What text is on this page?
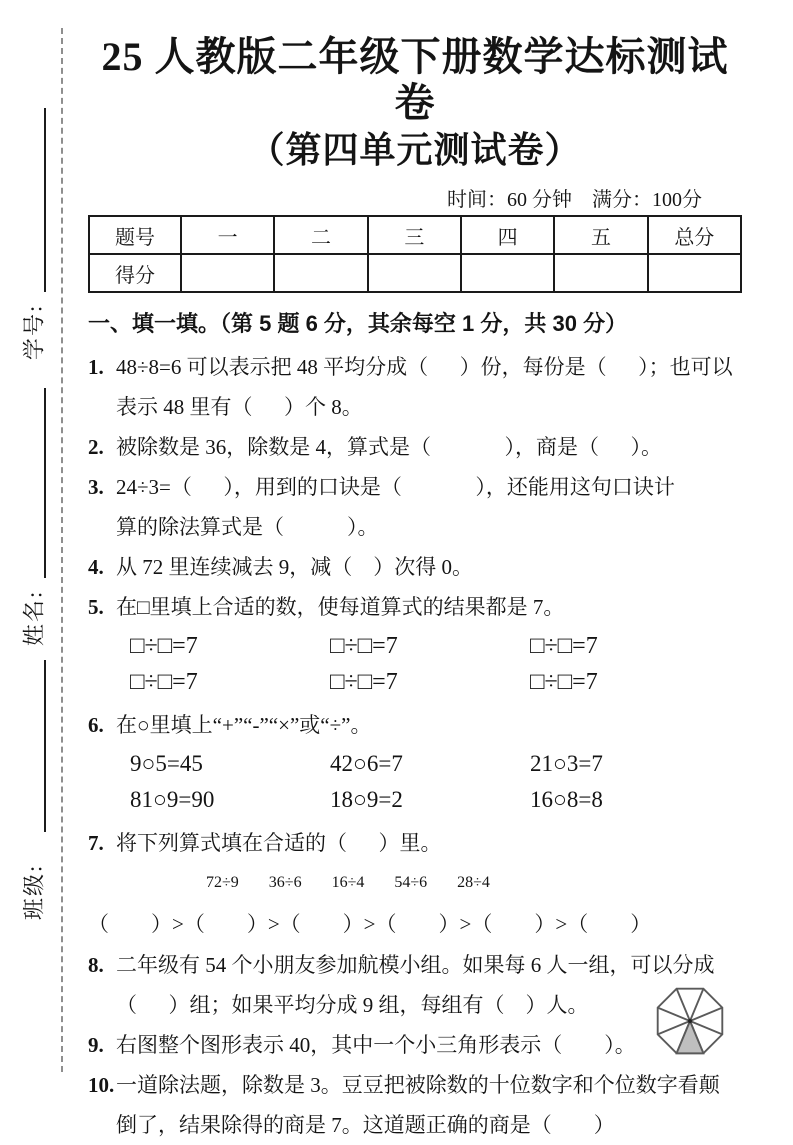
学号:
姓名:
班级:
25 人教版二年级下册数学达标测试卷
（第四单元测试卷）
时间：60 分钟    满分：100分
题号	一	二	三	四	五	总分
得分						
一、填一填。（第 5 题 6 分，其余每空 1 分，共 30 分）
1. 48÷8=6 可以表示把 48 平均分成（      ）份，每份是（      ）；也可以
表示 48 里有（      ）个 8。
2. 被除数是 36，除数是 4，算式是（              ），商是（      ）。
3. 24÷3=（      ），用到的口诀是（              ），还能用这句口诀计
算的除法算式是（            ）。
4. 从 72 里连续减去 9，减（    ）次得 0。
5. 在□里填上合适的数，使每道算式的结果都是 7。
□÷□=7	□÷□=7	□÷□=7
□÷□=7	□÷□=7	□÷□=7
6. 在○里填上“+”“-”“×”或“÷”。
9○5=45	42○6=7	21○3=7
81○9=90	18○9=2	16○8=8
7. 将下列算式填在合适的（      ）里。
72÷9 36÷6 16÷4 54÷6 28÷4
（        ）>（        ）>（        ）>（        ）>（        ）>（        ）
8. 二年级有 54 个小朋友参加航模小组。如果每 6 人一组，可以分成
（      ）组；如果平均分成 9 组，每组有（    ）人。
9. 右图整个图形表示 40，其中一个小三角形表示（        ）。
10. 一道除法题，除数是 3。豆豆把被除数的十位数字和个位数字看颠
倒了，结果除得的商是 7。这道题正确的商是（        ）
